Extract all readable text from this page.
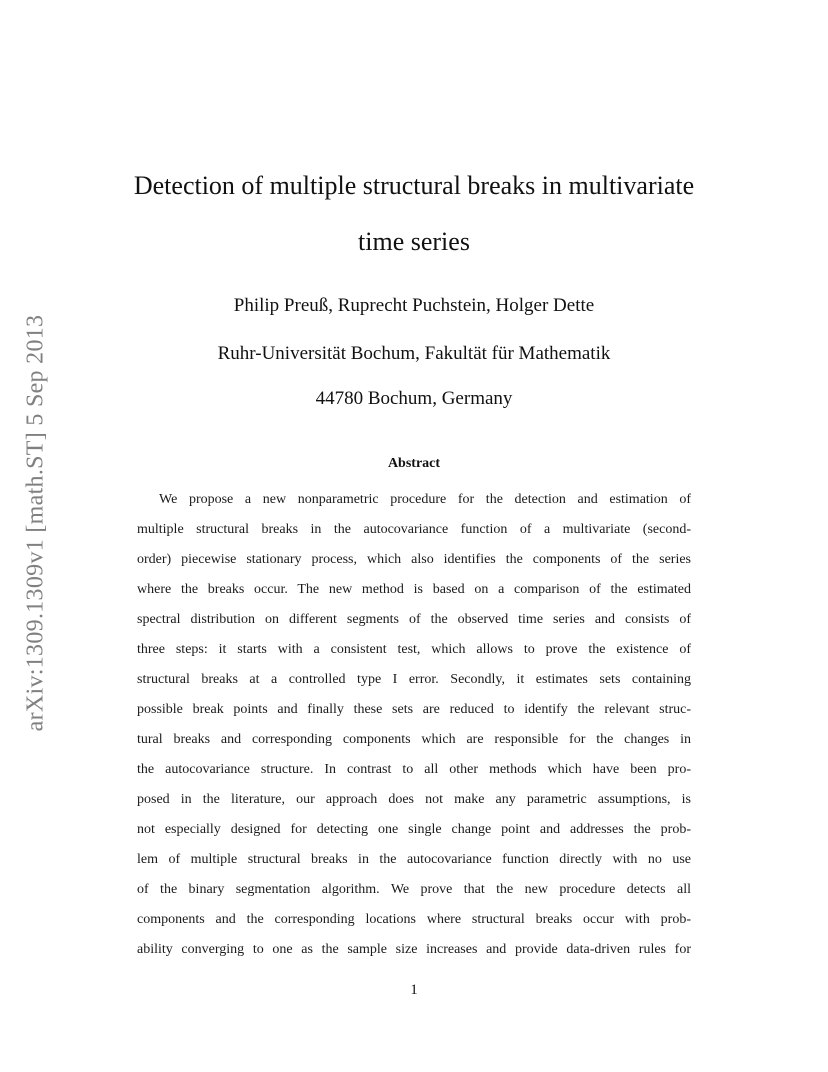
arXiv:1309.1309v1 [math.ST] 5 Sep 2013
Detection of multiple structural breaks in multivariate
time series
Philip Preuß, Ruprecht Puchstein, Holger Dette
Ruhr-Universität Bochum, Fakultät für Mathematik
44780 Bochum, Germany
Abstract
We propose a new nonparametric procedure for the detection and estimation of
multiple structural breaks in the autocovariance function of a multivariate (second-
order) piecewise stationary process, which also identifies the components of the series
where the breaks occur. The new method is based on a comparison of the estimated
spectral distribution on different segments of the observed time series and consists of
three steps: it starts with a consistent test, which allows to prove the existence of
structural breaks at a controlled type I error. Secondly, it estimates sets containing
possible break points and finally these sets are reduced to identify the relevant struc-
tural breaks and corresponding components which are responsible for the changes in
the autocovariance structure. In contrast to all other methods which have been pro-
posed in the literature, our approach does not make any parametric assumptions, is
not especially designed for detecting one single change point and addresses the prob-
lem of multiple structural breaks in the autocovariance function directly with no use
of the binary segmentation algorithm. We prove that the new procedure detects all
components and the corresponding locations where structural breaks occur with prob-
ability converging to one as the sample size increases and provide data-driven rules for
1
